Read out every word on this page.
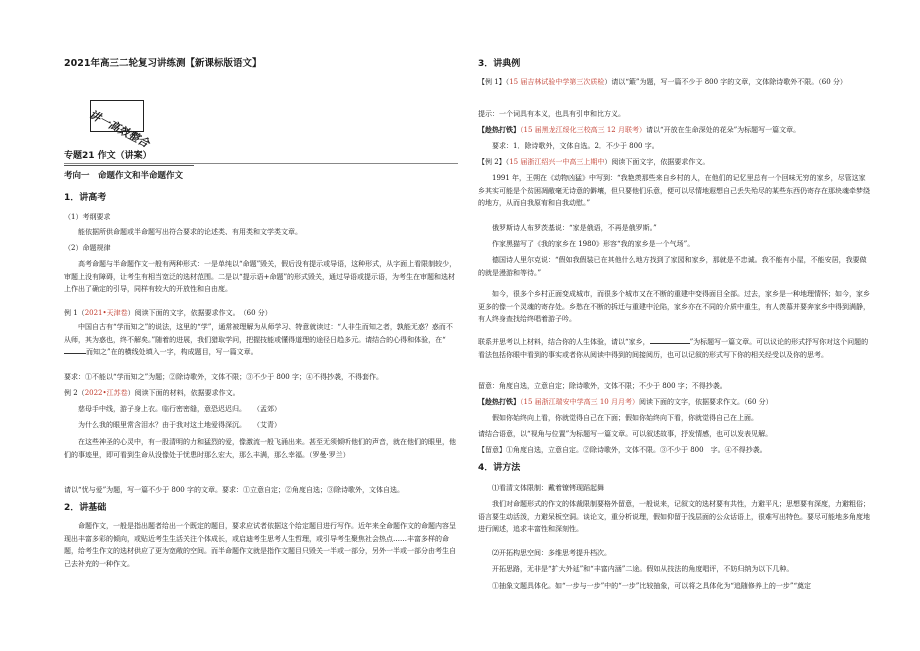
2021年高三二轮复习讲练测【新课标版语文】
讲一高效整合
专题21 作文（讲案）
考向一　命题作文和半命题作文
1．讲高考
（1）考纲要求
能依据所供命题或半命题写出符合要求的论述类、有用类和文学类文章。
（2）命题规律
高考命题与半命题作文一般有两种形式：一是单纯以“命题”毁关，假后没有提示或导语，这种形式，从字面上看限制较少，审题上没有障碍，让考生有相当宽泛的选材范围。二是以“提示语+命题”的形式毁关，通过导语或提示语，为考生在审题和选材上作出了确定的引导，同样有较大的开放性和自由度。
例 1（2021•天津卷）阅读下面的文字，依据要求作文。　（60 分）
中国自古有“学而知之”的说法，这里的“学”，通常被理解为从师学习、特意就读过：“人非生而知之者，孰能无惑？惑而不从师，其为惑也，终不解矣。”随着的进展，我们猎取学问，把握技能或懂得道理的途径日趋多元。请结合的心得和体验，在“而知之”在的横线处填入一字，构成题目，写一篇文章。
要求：①不能以“学而知之”为题；②除诗歌外，文体不限；③不少于 800 字；④不得抄袭，不得套作。
例 2（2022•江苏卷）阅读下面的材料，依据要求作文。
慈母手中线，游子身上衣。临行密密缝，意恐迟迟归。　　（孟郊）
为什么我的眼里常含泪水？由于我对这土地爱得深沉。　　（艾青）
在这些神圣的心灵中，有一股清明的力和猛烈的爱，像激流一般飞涌出来。甚至无须倾听他们的声音，就在他们的眼里，他们的事迹里，即可看到生命从没像处于忧患时那么宏大，那么丰满，那么幸福。（罗曼·罗兰）
请以“忧与爱”为题，写一篇不少于 800 字的文章。要求：①立意自定；②角度自选；③除诗歌外，文体自选。
2．讲基础
命题作文，一般是指出题者给出一个既定的题目，要求应试者依据这个给定题目进行写作。近年来全命题作文的命题内容呈现出丰富多彩的倾向，或贴近考生生活关注个体成长，或启迪考生思考人生哲理，或引导考生聚焦社会热点……丰富多样的命题，给考生作文的选材供应了更为宽敞的空间。而半命题作文就是指作文题目只毁关一半或一部分，另外一半或一部分由考生自己去补充的一种作文。
3．讲典例
【例 1】（15 届吉林试验中学第三次质检）请以“簸”为题，写一篇不少于 800 字的文章，文体除诗歌外不限。（60 分）
提示：一个词具有本义，也具有引申和比方义。
【趁热打铁】（15 届黑龙江绥化三校高三 12 月联考）请以“开放在生命深处的花朵”为标题写一篇文章。
要求：1．除诗歌外，文体自选。2．不少于 800 字。
【例 2】（15 届浙江绍兴一中高三上期中）阅读下面文字，依据要求作文。
1991 年，王朔在《动物凶猛》中写到：“我艳羡那些来自乡村的人，在他们的记忆里总有一个回味无穷的家乡，尽管这家乡其实可能是个贫困凋敝毫无诗意的僻壤，但只要他们乐意，便可以尽情地遐想自己丢失殆尽的某些东西仍寄存在那块魂牵梦绕的地方，从而自我原宥和自我动慰。”
俄罗斯诗人布罗茨基说：“家是俄语，不再是俄罗斯。”
作家黑猫写了《我的家乡在 1980》形容“我的家乡是一个气场”。
德国诗人里尔克说：“假如我假装已在其他什么地方找到了家园和家乡，那就是不忠诚。我不能有小屋，不能安居，我要做的就是漫游和等待。”
如今，很多个乡村正面变成城市，而很多个城市又在不断的重建中变得面目全部。过去，家乡是一种地理情怀；如今，家乡更多的像一个灵魂的寄存处。乡愁在不断的拆迁与重建中沦陷，家乡亦在不同的介质中重生，有人羡慕并要奔家乡中得到满静，有人终身查找给终唱着游子吟。
联系并思考以上材料，结合你的人生体验，请以“家乡，	”为标题写一篇文章。可以议论的形式抒写你对这个问题的看法包括你眼中看到的事实或者你从阅读中得到的间接阅历，也可以记叙的形式写下你的相关经受以及你的思考。
留意：角度自选，立意自定；除诗歌外，文体不限；不少于 800 字；不得抄袭。
【趁热打铁】（15 届浙江瑞安中学高三 10 月月考）阅读下面的文字，依据要求作文。（60 分）
假如你始终向上看，你就觉得自己在下面；假如你始终向下看，你就觉得自己在上面。
请结合语意，以“视角与位置”为标题写一篇文章。可以叙述故事，抒发情感，也可以发表见解。
【留意】①角度自选，立意自定。②除诗歌外，文体不限。③不少于 800　字。④不得抄袭。
4．讲方法
⑴看清文体限制：戴着镣铐现蹈起舞
我们对命题形式的作文的体裁限制要格外留意，一般说来，记叙文的选材要有共性，力避平凡；思想要有深度，力避粗俗；语言要生动活泼，力避呆板空洞。谈论文，重分析说理，假如仰留于浅层面的公众话语上，很难写出特色。要尽可能地多角度地进行阐述，追求丰富性和深刻性。
⑵开拓构思空间：多维思考提升档次。
开拓思路，无非是“扩大外延”和“丰富内涵”二途。假如从技法的角度唱评，不妨归纳为以下几种。
①抽象文题具体化。如“一步与一步”中的“一步”比较抽象，可以将之具体化为“追随修养上的一步”“奠定
